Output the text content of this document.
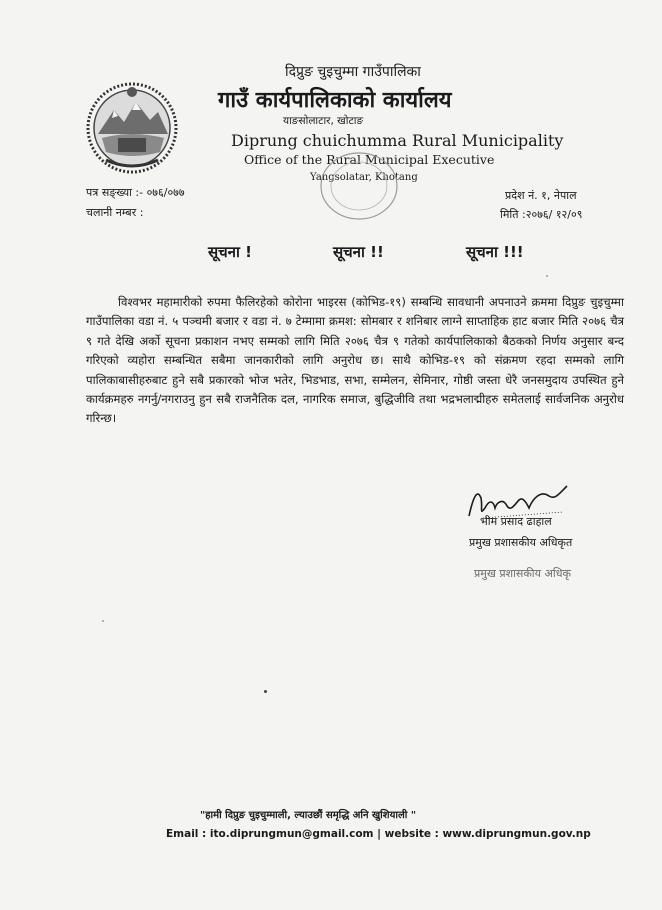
दिप्रुङ चुइचुम्मा गाउँपालिका
गाउँ कार्यपालिकाको कार्यालय
याङसोलाटार, खोटाङ
Diprung chuichumma Rural Municipality
Office of the Rural Municipal Executive
Yangsolatar, Khotang
पत्र सङ्ख्या :- ०७६/०७७
चलानी नम्बर :
प्रदेश नं. १, नेपाल
मिति :२०७६/ १२/०९
सूचना !	सूचना !!	सूचना !!!
विश्वभर महामारीको रुपमा फैलिरहेको कोरोना भाइरस (कोभिड-१९) सम्बन्धि सावधानी अपनाउने क्रममा दिप्रुङ चुइचुम्मा गाउँपालिका वडा नं. ५ पञ्चमी बजार र वडा नं. ७ टेम्मामा क्रमश: सोमबार र शनिबार लाग्ने साप्ताहिक हाट बजार मिति २०७६ चैत्र ९ गते देखि अर्को सूचना प्रकाशन नभए सम्मको लागि मिति २०७६ चैत्र ९ गतेको कार्यपालिकाको बैठकको निर्णय अनुसार बन्द गरिएको व्यहोरा सम्बन्धित सबैमा जानकारीको लागि अनुरोध छ। साथै कोभिड-१९ को संक्रमण रहदा सम्मको लागि पालिकाबासीहरुबाट हुने सबै प्रकारको भोज भतेर, भिडभाड, सभा, सम्मेलन, सेमिनार, गोष्ठी जस्ता धेरै जनसमुदाय उपस्थित हुने कार्यक्रमहरु नगर्नु/नगराउनु हुन सबै राजनैतिक दल, नागरिक समाज, बुद्धिजीवि तथा भद्रभलाद्मीहरु समेतलाई सार्वजनिक अनुरोध गरिन्छ।
भीम प्रसाद ढाहाल
प्रमुख प्रशासकीय अधिकृत
प्रमुख प्रशासकीय अधिकृ
"हामी दिप्रुङ चुइचुम्माली, ल्याउछौं समृद्धि अनि खुशियाली "
Email : ito.diprungmun@gmail.com | website : www.diprungmun.gov.np
